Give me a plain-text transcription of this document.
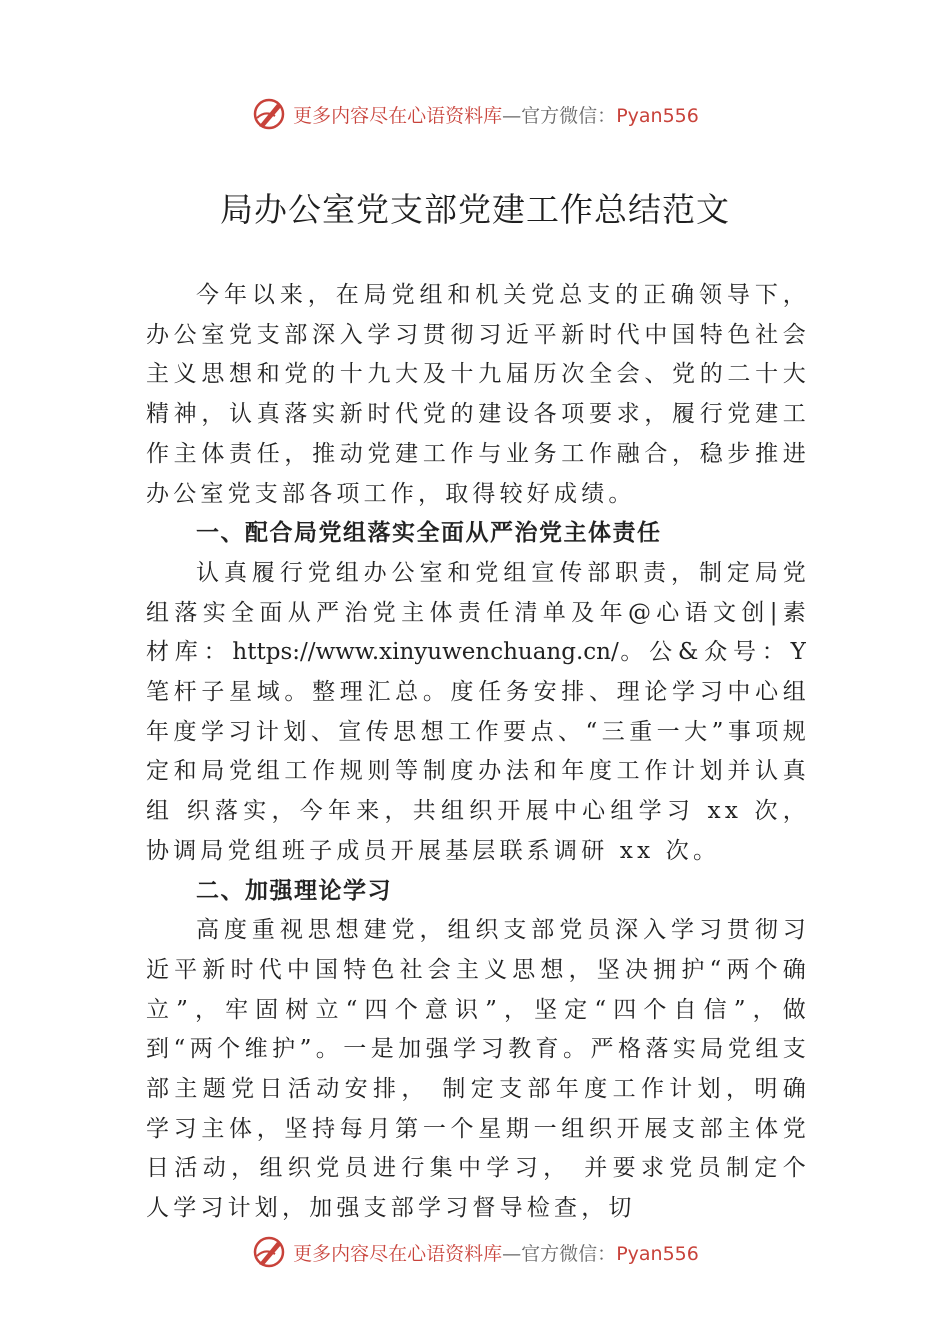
更多内容尽在心语资料库—官方微信：Pyan556
局办公室党支部党建工作总结范文

今年以来，在局党组和机关党总支的正确领导下，办公室党支部深入学习贯彻习近平新时代中国特色社会主义思想和党的十九大及十九届历次全会、党的二十大精神，认真落实新时代党的建设各项要求，履行党建工作主体责任，推动党建工作与业务工作融合，稳步推进办公室党支部各项工作，取得较好成绩。

一、配合局党组落实全面从严治党主体责任

认真履行党组办公室和党组宣传部职责，制定局党组落实全面从严治党主体责任清单及年@心语文创|素材库：https://www.xinyuwenchuang.cn/。公&众号：Y笔杆子星域。整理汇总。度任务安排、理论学习中心组年度学习计划、宣传思想工作要点、“三重一大”事项规定和局党组工作规则等制度办法和年度工作计划并认真组 织落实，今年来，共组织开展中心组学习 xx 次，协调局党组班子成员开展基层联系调研 xx 次。

二、加强理论学习

高度重视思想建党，组织支部党员深入学习贯彻习近平新时代中国特色社会主义思想，坚决拥护“两个确立”，牢固树立“四个意识”，坚定“四个自信”，做到“两个维护”。一是加强学习教育。严格落实局党组支部主题党日活动安排， 制定支部年度工作计划，明确学习主体，坚持每月第一个星期一组织开展支部主体党日活动，组织党员进行集中学习， 并要求党员制定个人学习计划，加强支部学习督导检查，切

更多内容尽在心语资料库—官方微信：Pyan556
